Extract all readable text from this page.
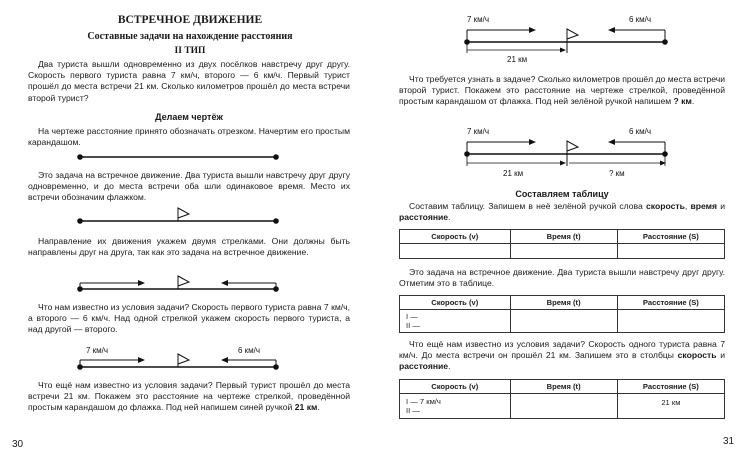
ВСТРЕЧНОЕ ДВИЖЕНИЕ
Составные задачи на нахождение расстояния
II ТИП

Два туриста вышли одновременно из двух посёлков навстречу друг другу. Скорость первого туриста равна 7 км/ч, второго — 6 км/ч. Первый турист прошёл до места встречи 21 км. Сколько километров прошёл до места встречи второй турист?

Делаем чертёж

На чертеже расстояние принято обозначать отрезком. Начертим его простым карандашом.

Это задача на встречное движение. Два туриста вышли навстречу друг другу одновременно, и до места встречи оба шли одинаковое время. Место их встречи обозначим флажком.

Направление их движения укажем двумя стрелками. Они должны быть направлены друг на друга, так как это задача на встречное движение.

Что нам известно из условия задачи? Скорость первого туриста равна 7 км/ч, а второго — 6 км/ч. Над одной стрелкой укажем скорость первого туриста, а над другой — второго.

7 км/ч	6 км/ч

Что ещё нам известно из условия задачи? Первый турист прошёл до места встречи 21 км. Покажем это расстояние на чертеже стрелкой, проведённой простым карандашом до флажка. Под ней напишем синей ручкой 21 км.

30
7 км/ч	6 км/ч
21 км

Что требуется узнать в задаче? Сколько километров прошёл до места встречи второй турист. Покажем это расстояние на чертеже стрелкой, проведённой простым карандашом от флажка. Под ней зелёной ручкой напишем ? км.

7 км/ч	6 км/ч
21 км	? км
Составляем таблицу

Составим таблицу. Запишем в неё зелёной ручкой слова скорость, время и расстояние.

Скорость (v)	Время (t)	Расстояние (S)

Это задача на встречное движение. Два туриста вышли навстречу друг другу. Отметим это в таблице.

Скорость (v)	Время (t)	Расстояние (S)

I —
II —		

Что ещё нам известно из условия задачи? Скорость одного туриста равна 7 км/ч. До места встречи он прошёл 21 км. Запишем это в столбцы скорость и расстояние.

Скорость (v)	Время (t)	Расстояние (S)

I — 7 км/ч
II —		21 км
31
